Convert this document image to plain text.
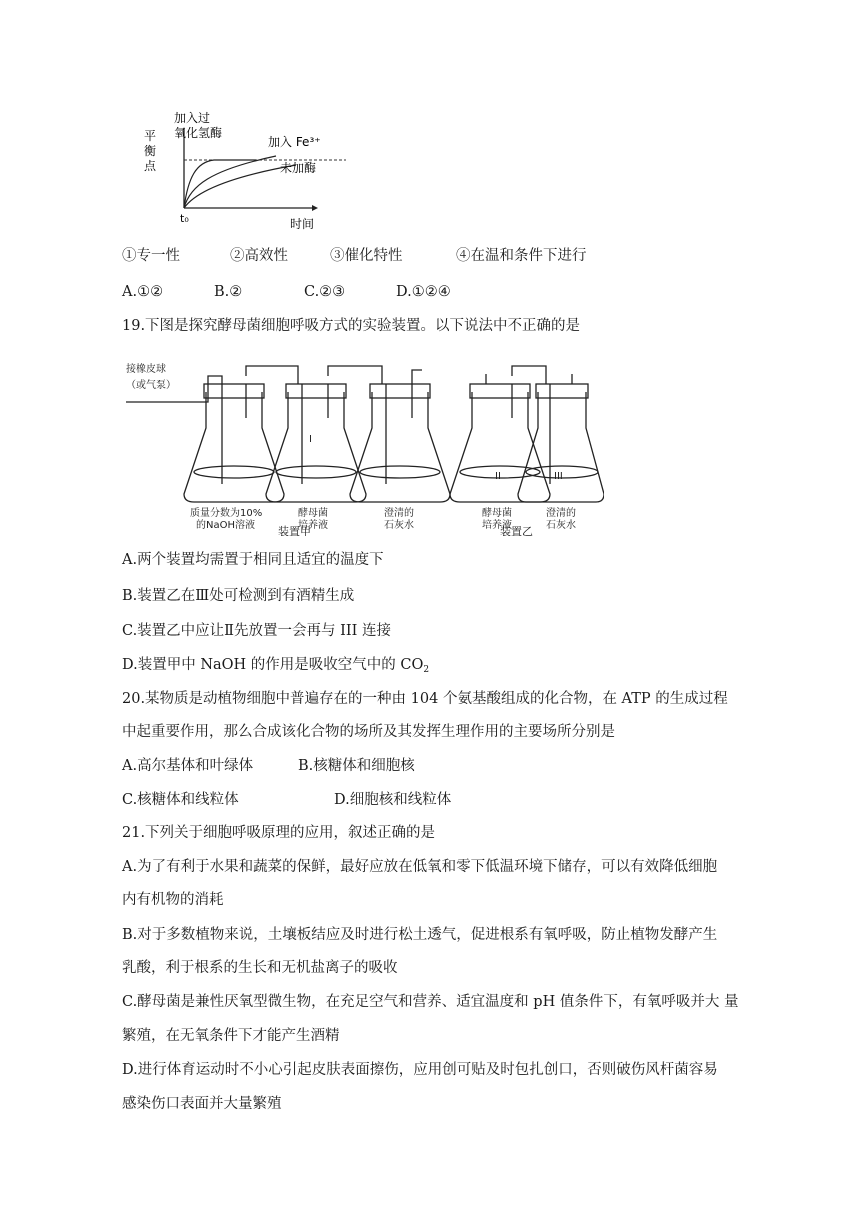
平
衡
点
加入过
氧化氢酶
加入 Fe³⁺
未加酶
t₀	时间
①专一性	②高效性	③催化特性	④在温和条件下进行
A.①②	B.②	C.②③	D.①②④
19.下图是探究酵母菌细胞呼吸方式的实验装置。以下说法中不正确的是
接橡皮球
（或气泵）
I
II	III
质量分数为10%
的NaOH溶液
酵母菌
培养液
澄清的
石灰水
酵母菌
培养液
澄清的
石灰水
装置甲	装置乙
A.两个装置均需置于相同且适宜的温度下
B.装置乙在Ⅲ处可检测到有酒精生成
C.装置乙中应让Ⅱ先放置一会再与 III 连接
D.装置甲中 NaOH 的作用是吸收空气中的 $CO_2$
20.某物质是动植物细胞中普遍存在的一种由 104 个氨基酸组成的化合物，在 ATP 的生成过程
中起重要作用，那么合成该化合物的场所及其发挥生理作用的主要场所分别是
A.高尔基体和叶绿体	B.核糖体和细胞核
C.核糖体和线粒体	D.细胞核和线粒体
21.下列关于细胞呼吸原理的应用，叙述正确的是
A.为了有利于水果和蔬菜的保鲜，最好应放在低氧和零下低温环境下储存，可以有效降低细胞
内有机物的消耗
B.对于多数植物来说，土壤板结应及时进行松土透气，促进根系有氧呼吸，防止植物发酵产生
乳酸，利于根系的生长和无机盐离子的吸收
C.酵母菌是兼性厌氧型微生物，在充足空气和营养、适宜温度和 pH 值条件下，有氧呼吸并大 量
繁殖，在无氧条件下才能产生酒精
D.进行体育运动时不小心引起皮肤表面擦伤，应用创可贴及时包扎创口，否则破伤风杆菌容易
感染伤口表面并大量繁殖
